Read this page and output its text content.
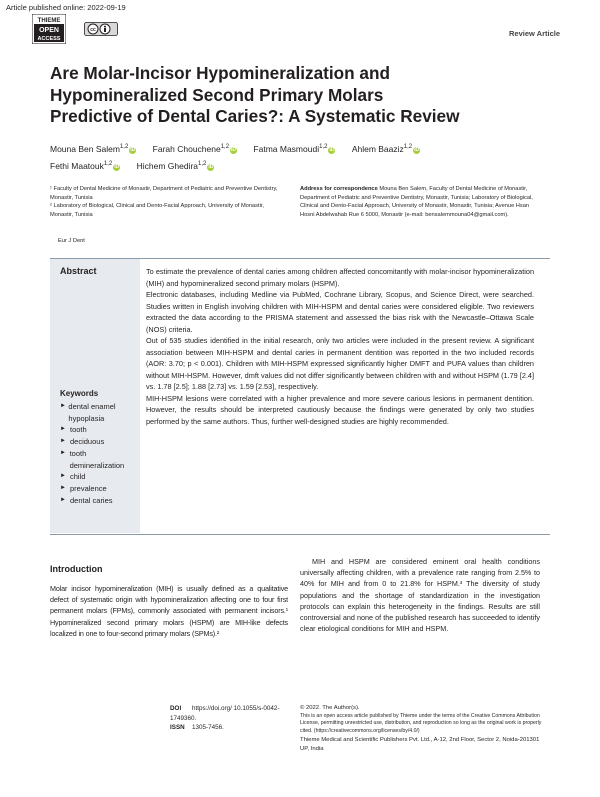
Article published online: 2022-09-19
THIEME
OPEN
ACCESS
cc	Review Article
Are Molar-Incisor Hypomineralization and Hypomineralized Second Primary Molars Predictive of Dental Caries?: A Systematic Review
Mouna Ben Salem$^{1,2}$ iD Farah Chouchene$^{1,2}$ iD Fatma Masmoudi$^{1,2}$ iD Ahlem Baaziz$^{1,2}$ iD
Fethi Maatouk$^{1,2}$ iD Hichem Ghedira$^{1,2}$ iD

¹ Faculty of Dental Medicine of Monastir, Department of Pediatric and Preventive Dentistry, Monastir, Tunisia

² Laboratory of Biological, Clinical and Dento-Facial Approach, University of Monastir, Monastir, Tunisia

Eur J Dent
Address for correspondence Mouna Ben Salem, Faculty of Dental Medicine of Monastir, Department of Pediatric and Preventive Dentistry, Monastir, Tunisia; Laboratory of Biological, Clinical and Dento-Facial Approach, University of Monastir, Monastir, Tunisia; Avenue Hsan Hosni Abdelwahab Rue 6 5000, Monastir (e-mail: bensalemmouna04@gmail.com).
Abstract	To estimate the prevalence of dental caries among children affected concomitantly with molar-incisor hypomineralization (MIH) and hypomineralized second primary molars (HSPM).

Electronic databases, including Medline via PubMed, Cochrane Library, Scopus, and Science Direct, were searched. Studies written in English involving children with MIH-HSPM and dental caries were considered eligible. Two reviewers extracted the data according to the PRISMA statement and assessed the bias risk with the Newcastle–Ottawa Scale (NOS) criteria.

Out of 535 studies identified in the initial research, only two articles were included in the present review. A significant association between MIH-HSPM and dental caries in permanent dentition was reported in the two included records (AOR: 3.70; p < 0.001). Children with MIH-HSPM expressed significantly higher DMFT and PUFA values than children without MIH-HSPM. However, dmft values did not differ significantly between children with and without HSPM (1.79 [2.4] vs. 1.78 [2.5]; 1.88 [2.73] vs. 1.59 [2.53], respectively.

MIH-HSPM lesions were correlated with a higher prevalence and more severe carious lesions in permanent dentition. However, the results should be interpreted cautiously because the findings were generated by only two studies performed by the same authors. Thus, further well-designed studies are highly recommended.

Keywords
► dental enamel hypoplasia
► tooth
► deciduous
► tooth demineralization
► child
► prevalence
► dental caries
Introduction

Molar incisor hypomineralization (MIH) is usually defined as a qualitative defect of systematic origin with hypomineralization affecting one to four first permanent molars (FPMs), commonly associated with permanent incisors.¹ Hypomineralized second primary molars (HSPM) are MIH-like defects localized in one to four-second primary molars (SPMs).²

MIH and HSPM are considered eminent oral health conditions universally affecting children, with a prevalence rate ranging from 2.5% to 40% for MIH and from 0 to 21.8% for HSPM.³ The diversity of study populations and the shortage of standardization in the investigation protocols can explain this heterogeneity in the findings. Results are still controversial and none of the published research has succeeded to identify clear etiological conditions for MIH and HSPM.

DOI https://doi.org/ 10.1055/s-0042-1749360.
ISSN 1305-7456.
© 2022. The Author(s).
This is an open access article published by Thieme under the terms of the Creative Commons Attribution License, permitting unrestricted use, distribution, and reproduction so long as the original work is properly cited. (https://creativecommons.org/licenses/by/4.0/)
Thieme Medical and Scientific Publishers Pvt. Ltd., A-12, 2nd Floor, Sector 2, Noida-201301 UP, India
